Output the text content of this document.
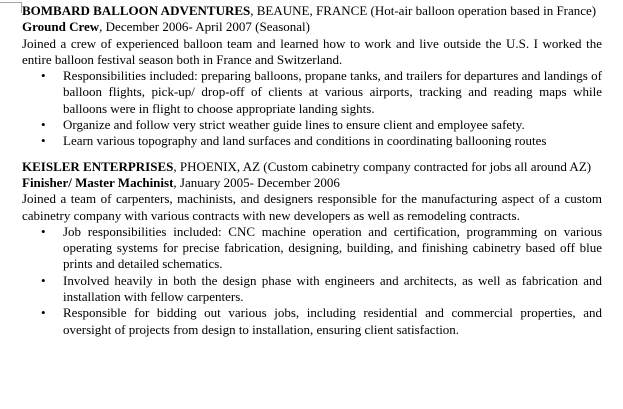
BOMBARD BALLOON ADVENTURES, BEAUNE, FRANCE (Hot-air balloon operation based in France)

Ground Crew, December 2006- April 2007 (Seasonal)

Joined a crew of experienced balloon team and learned how to work and live outside the U.S. I worked the entire balloon festival season both in France and Switzerland.

• Responsibilities included: preparing balloons, propane tanks, and trailers for departures and landings of balloon flights, pick-up/ drop-off of clients at various airports, tracking and reading maps while balloons were in flight to choose appropriate landing sights.

• Organize and follow very strict weather guide lines to ensure client and employee safety.

• Learn various topography and land surfaces and conditions in coordinating ballooning routes

KEISLER ENTERPRISES, PHOENIX, AZ (Custom cabinetry company contracted for jobs all around AZ)

Finisher/ Master Machinist, January 2005- December 2006

Joined a team of carpenters, machinists, and designers responsible for the manufacturing aspect of a custom cabinetry company with various contracts with new developers as well as remodeling contracts.

• Job responsibilities included: CNC machine operation and certification, programming on various operating systems for precise fabrication, designing, building, and finishing cabinetry based off blue prints and detailed schematics.

• Involved heavily in both the design phase with engineers and architects, as well as fabrication and installation with fellow carpenters.

• Responsible for bidding out various jobs, including residential and commercial properties, and oversight of projects from design to installation, ensuring client satisfaction.
